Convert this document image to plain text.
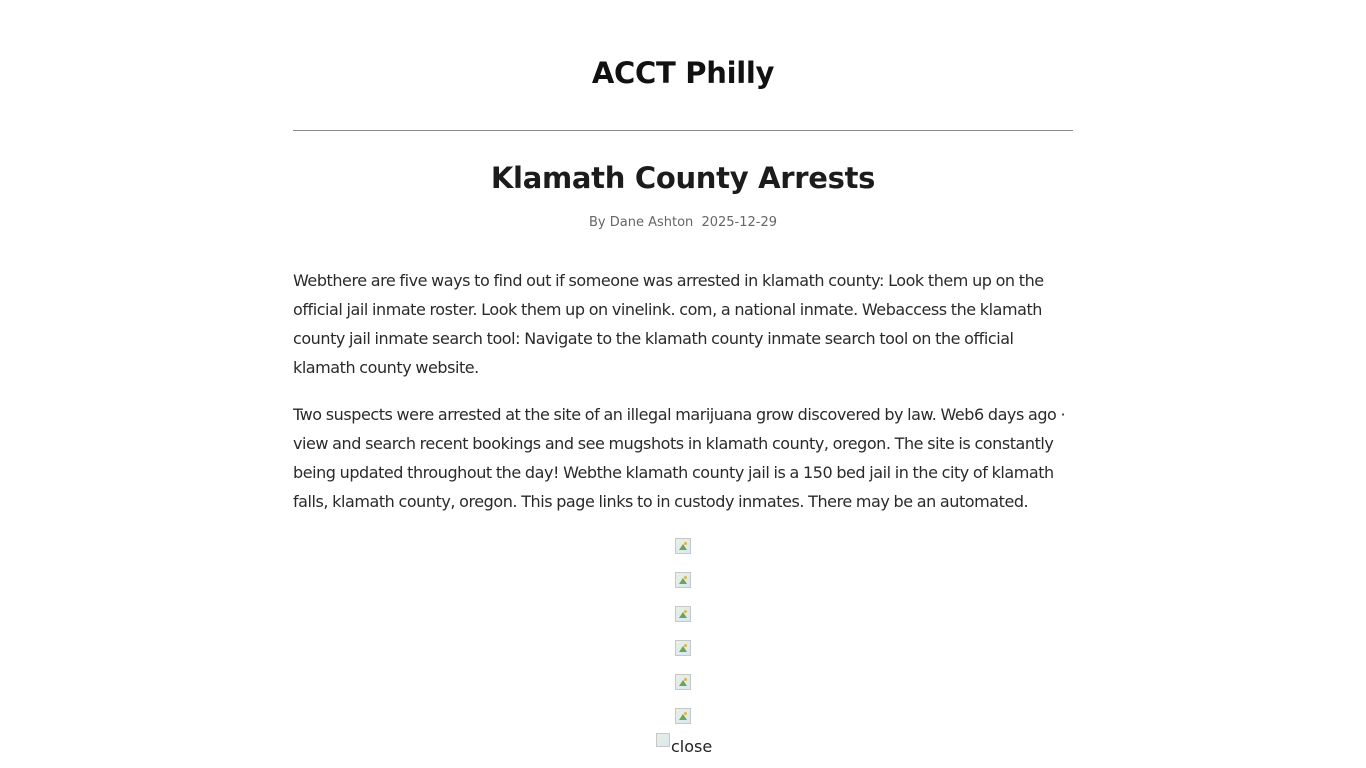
ACCT Philly
Klamath County Arrests
By Dane Ashton 2025-12-29

Webthere are five ways to find out if someone was arrested in klamath county: Look them up on the official jail inmate roster. Look them up on vinelink. com, a national inmate. Webaccess the klamath county jail inmate search tool: Navigate to the klamath county inmate search tool on the official klamath county website.

Two suspects were arrested at the site of an illegal marijuana grow discovered by law. Web6 days ago · view and search recent bookings and see mugshots in klamath county, oregon. The site is constantly being updated throughout the day! Webthe klamath county jail is a 150 bed jail in the city of klamath falls, klamath county, oregon. This page links to in custody inmates. There may be an automated.

close
